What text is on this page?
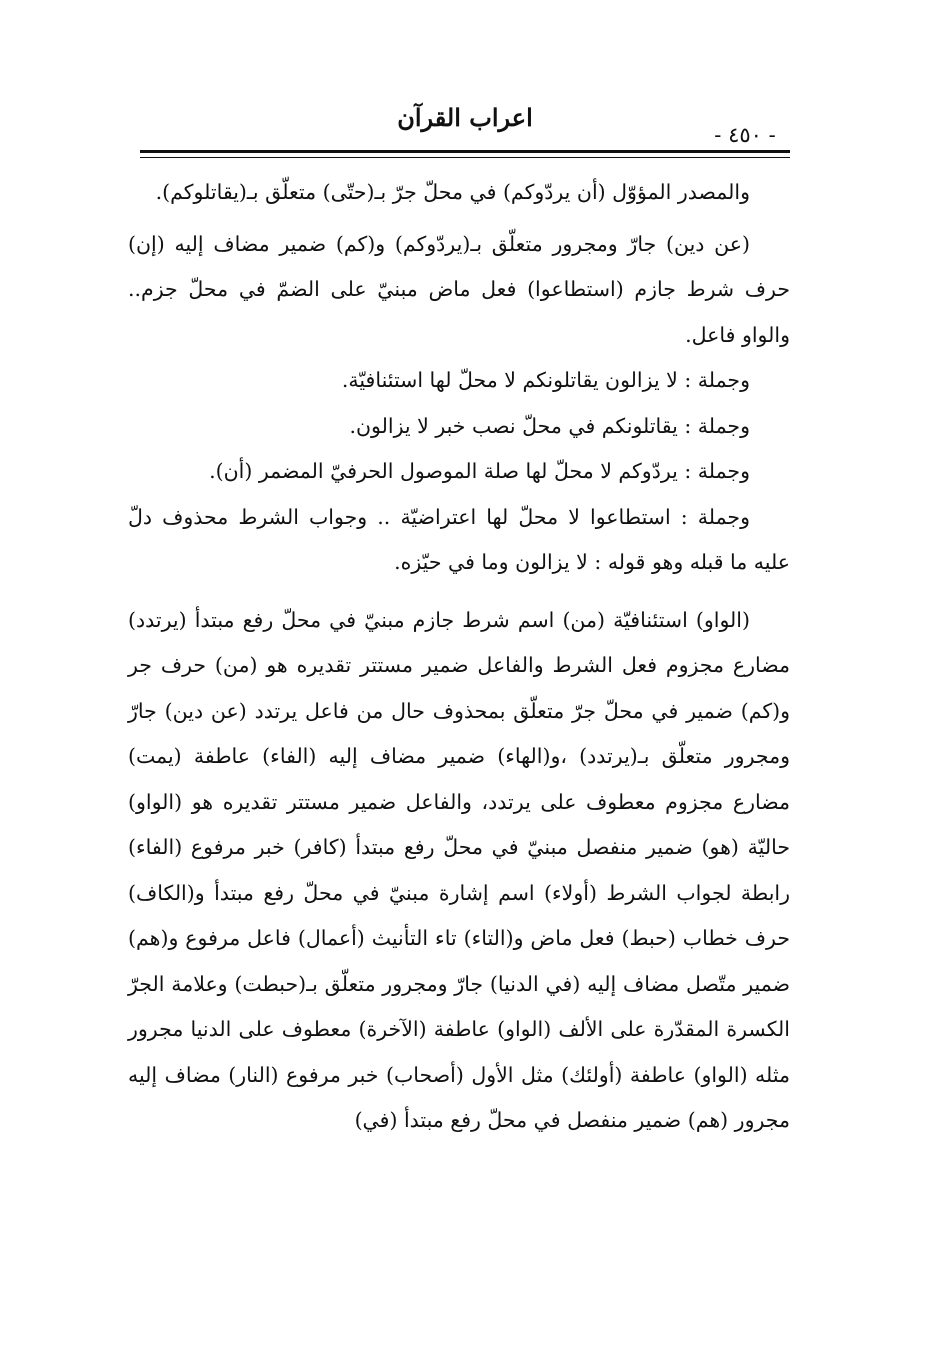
اعراب القرآن
- ٤٥٠ -

والمصدر المؤوّل (أن يردّوكم) في محلّ جرّ بـ(حتّى) متعلّق بـ(يقاتلوكم).

(عن دين) جارّ ومجرور متعلّق بـ(يردّوكم) و(كم) ضمير مضاف إليه (إن) حرف شرط جازم (استطاعوا) فعل ماض مبنيّ على الضمّ في محلّ جزم.. والواو فاعل.

وجملة : لا يزالون يقاتلونكم لا محلّ لها استئنافيّة.

وجملة : يقاتلونكم في محلّ نصب خبر لا يزالون.

وجملة : يردّوكم لا محلّ لها صلة الموصول الحرفيّ المضمر (أن).

وجملة : استطاعوا لا محلّ لها اعتراضيّة .. وجواب الشرط محذوف دلّ عليه ما قبله وهو قوله : لا يزالون وما في حيّزه.

(الواو) استئنافيّة (من) اسم شرط جازم مبنيّ في محلّ رفع مبتدأ (يرتدد) مضارع مجزوم فعل الشرط والفاعل ضمير مستتر تقديره هو (من) حرف جر و(كم) ضمير في محلّ جرّ متعلّق بمحذوف حال من فاعل يرتدد (عن دين) جارّ ومجرور متعلّق بـ(يرتدد) ،و(الهاء) ضمير مضاف إليه (الفاء) عاطفة (يمت) مضارع مجزوم معطوف على يرتدد، والفاعل ضمير مستتر تقديره هو (الواو) حاليّة (هو) ضمير منفصل مبنيّ في محلّ رفع مبتدأ (كافر) خبر مرفوع (الفاء) رابطة لجواب الشرط (أولاء) اسم إشارة مبنيّ في محلّ رفع مبتدأ و(الكاف) حرف خطاب (حبط) فعل ماض و(التاء) تاء التأنيث (أعمال) فاعل مرفوع و(هم) ضمير متّصل مضاف إليه (في الدنيا) جارّ ومجرور متعلّق بـ(حبطت) وعلامة الجرّ الكسرة المقدّرة على الألف (الواو) عاطفة (الآخرة) معطوف على الدنيا مجرور مثله (الواو) عاطفة (أولئك) مثل الأول (أصحاب) خبر مرفوع (النار) مضاف إليه مجرور (هم) ضمير منفصل في محلّ رفع مبتدأ (في)
